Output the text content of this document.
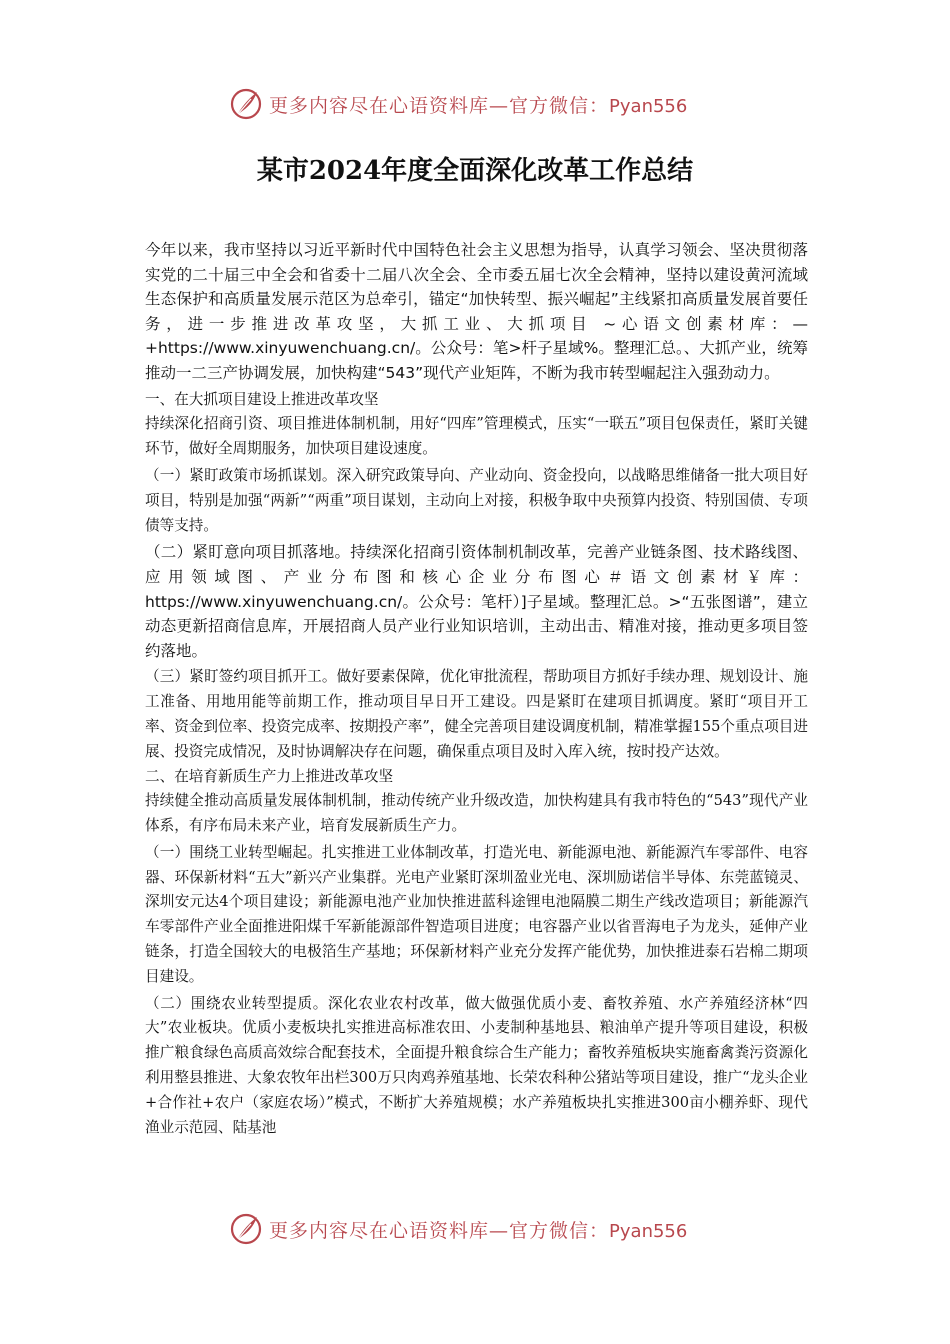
更多内容尽在心语资料库—官方微信：Pyan556
某市2024年度全面深化改革工作总结

今年以来，我市坚持以习近平新时代中国特色社会主义思想为指导，认真学习领会、坚决贯彻落实党的二十届三中全会和省委十二届八次全会、全市委五届七次全会精神，坚持以建设黄河流域生态保护和高质量发展示范区为总牵引，锚定“加快转型、振兴崛起”主线紧扣高质量发展首要任务，进一步推进改革攻坚，大抓工业、大抓项目 ~心语文创素材库：—+https://www.xinyuwenchuang.cn/。公众号：笔>杆子星域%。整理汇总。、大抓产业，统筹推动一二三产协调发展，加快构建“543”现代产业矩阵，不断为我市转型崛起注入强劲动力。

一、在大抓项目建设上推进改革攻坚

持续深化招商引资、项目推进体制机制，用好“四库”管理模式，压实“一联五”项目包保责任，紧盯关键环节，做好全周期服务，加快项目建设速度。

（一）紧盯政策市场抓谋划。深入研究政策导向、产业动向、资金投向，以战略思维储备一批大项目好项目，特别是加强“两新”“两重”项目谋划，主动向上对接，积极争取中央预算内投资、特别国债、专项债等支持。

（二）紧盯意向项目抓落地。持续深化招商引资体制机制改革，完善产业链条图、技术路线图、应用领域图、产业分布图和核心企业分布图心＃语文创素材￥库：https://www.xinyuwenchuang.cn/。公众号：笔杆）]子星域。整理汇总。>“五张图谱”，建立动态更新招商信息库，开展招商人员产业行业知识培训，主动出击、精准对接，推动更多项目签约落地。

（三）紧盯签约项目抓开工。做好要素保障，优化审批流程，帮助项目方抓好手续办理、规划设计、施工准备、用地用能等前期工作，推动项目早日开工建设。四是紧盯在建项目抓调度。紧盯“项目开工率、资金到位率、投资完成率、按期投产率”，健全完善项目建设调度机制，精准掌握155个重点项目进展、投资完成情况，及时协调解决存在问题，确保重点项目及时入库入统，按时投产达效。

二、在培育新质生产力上推进改革攻坚

持续健全推动高质量发展体制机制，推动传统产业升级改造，加快构建具有我市特色的“543”现代产业体系，有序布局未来产业，培育发展新质生产力。

（一）围绕工业转型崛起。扎实推进工业体制改革，打造光电、新能源电池、新能源汽车零部件、电容器、环保新材料“五大”新兴产业集群。光电产业紧盯深圳盈业光电、深圳励诺信半导体、东莞蓝镜灵、深圳安元达4个项目建设；新能源电池产业加快推进蓝科途锂电池隔膜二期生产线改造项目；新能源汽车零部件产业全面推进阳煤千军新能源部件智造项目进度；电容器产业以省晋海电子为龙头，延伸产业链条，打造全国较大的电极箔生产基地；环保新材料产业充分发挥产能优势，加快推进泰石岩棉二期项目建设。

（二）围绕农业转型提质。深化农业农村改革，做大做强优质小麦、畜牧养殖、水产养殖经济林“四大”农业板块。优质小麦板块扎实推进高标准农田、小麦制种基地县、粮油单产提升等项目建设，积极推广粮食绿色高质高效综合配套技术，全面提升粮食综合生产能力；畜牧养殖板块实施畜禽粪污资源化利用整县推进、大象农牧年出栏300万只肉鸡养殖基地、长荣农科种公猪站等项目建设，推广“龙头企业+合作社+农户（家庭农场）”模式，不断扩大养殖规模；水产养殖板块扎实推进300亩小棚养虾、现代渔业示范园、陆基池

更多内容尽在心语资料库—官方微信：Pyan556
